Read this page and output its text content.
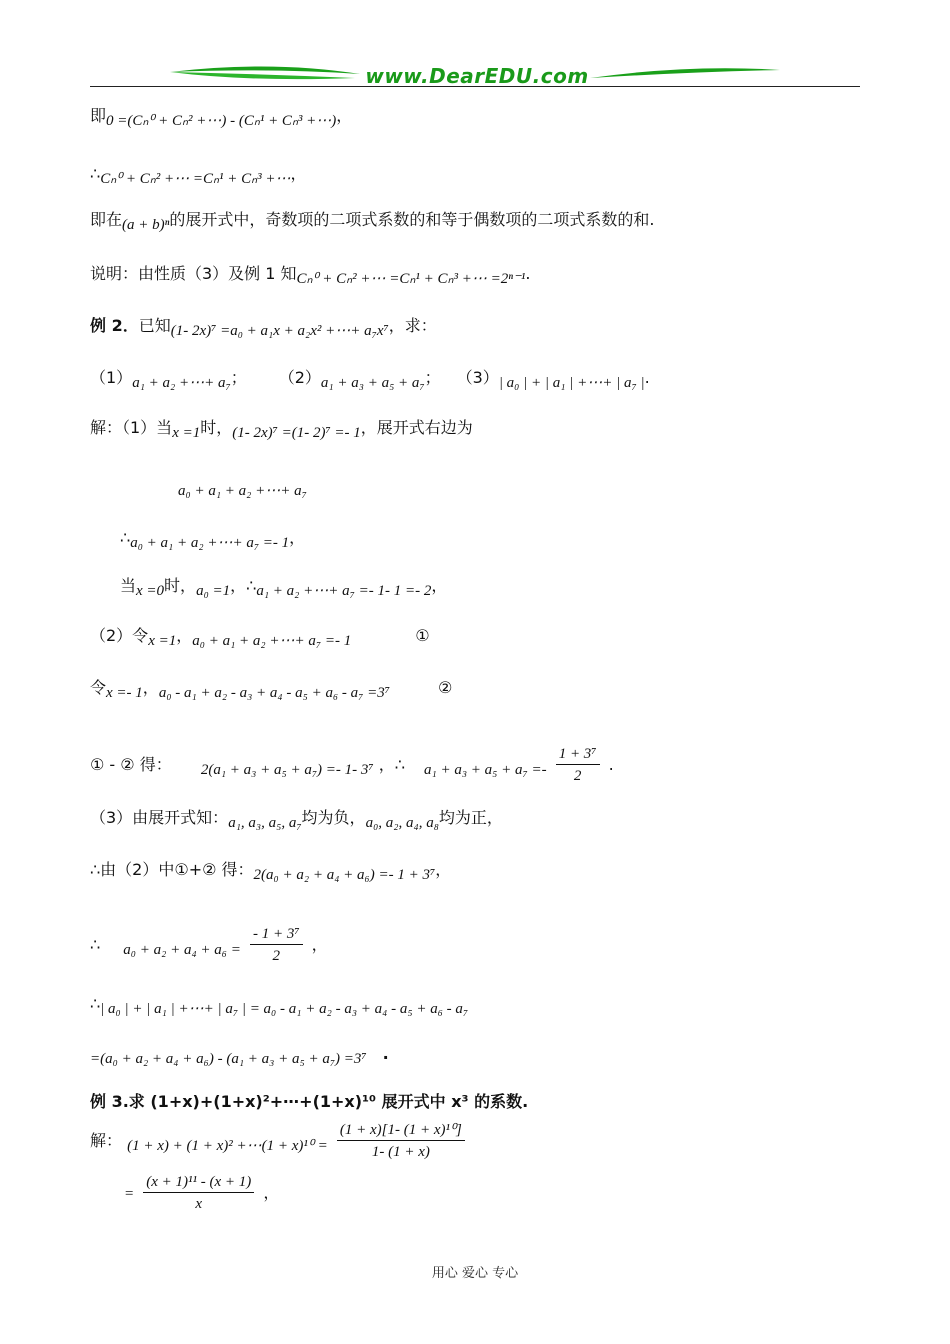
www.DearEDU.com
即0 =(Cₙ⁰ + Cₙ² +⋯) - (Cₙ¹ + Cₙ³ +⋯)，
∴Cₙ⁰ + Cₙ² +⋯ =Cₙ¹ + Cₙ³ +⋯，
即在(a + b)ⁿ的展开式中，奇数项的二项式系数的和等于偶数项的二项式系数的和.
说明：由性质（3）及例 1 知Cₙ⁰ + Cₙ² +⋯ =Cₙ¹ + Cₙ³ +⋯ =2ⁿ⁻¹.
例 2．已知(1- 2x)⁷ =a₀ + a₁x + a₂x² +⋯+ a₇x⁷，求：
（1）a₁ + a₂ +⋯+ a₇；　　　（2）a₁ + a₃ + a₅ + a₇；　　（3）| a₀ | + | a₁ | +⋯+ | a₇ |.
解：（1）当x =1时，(1- 2x)⁷ =(1- 2)⁷ =- 1，展开式右边为
a₀ + a₁ + a₂ +⋯+ a₇
∴a₀ + a₁ + a₂ +⋯+ a₇ =- 1，
当x =0时，a₀ =1，∴a₁ + a₂ +⋯+ a₇ =- 1- 1 =- 2，
（2）令x =1，a₀ + a₁ + a₂ +⋯+ a₇ =- 1　　　　①
令x =- 1，a₀ - a₁ + a₂ - a₃ + a₄ - a₅ + a₆ - a₇ =3⁷　　　②
（3）由展开式知：a₁, a₃, a₅, a₇均为负，a₀, a₂, a₄, a₈均为正，
∴由（2）中①+② 得：2(a₀ + a₂ + a₄ + a₆) =- 1 + 3⁷，
∴| a₀ | + | a₁ | +⋯+ | a₇ | = a₀ - a₁ + a₂ - a₃ + a₄ - a₅ + a₆ - a₇
=(a₀ + a₂ + a₄ + a₆) - (a₁ + a₃ + a₅ + a₇) =3⁷　·
例 3.求 (1+x)+(1+x)²+⋯+(1+x)¹⁰ 展开式中 x³ 的系数.
① - ② 得： 2(a₁ + a₃ + a₅ + a₇) =- 1- 3⁷ ，∴ $a_1 + a_3 + a_5 + a_7 =- \frac{\text{1 + 3⁷}}{2}$ .
∴ $a_0 + a_2 + a_4 + a_6 = \frac{\text{- 1 + 3⁷}}{2}$ ，
解： (1 + x) + (1 + x)² +⋯(1 + $x)^{10} = \frac{\text{(1 + x)[1- (1 + x)¹⁰]}}{1- (1 + x)}$
= $\frac{\text{(x + 1)¹¹ - (x + 1)}}{x}$ ，
用心 爱心 专心
